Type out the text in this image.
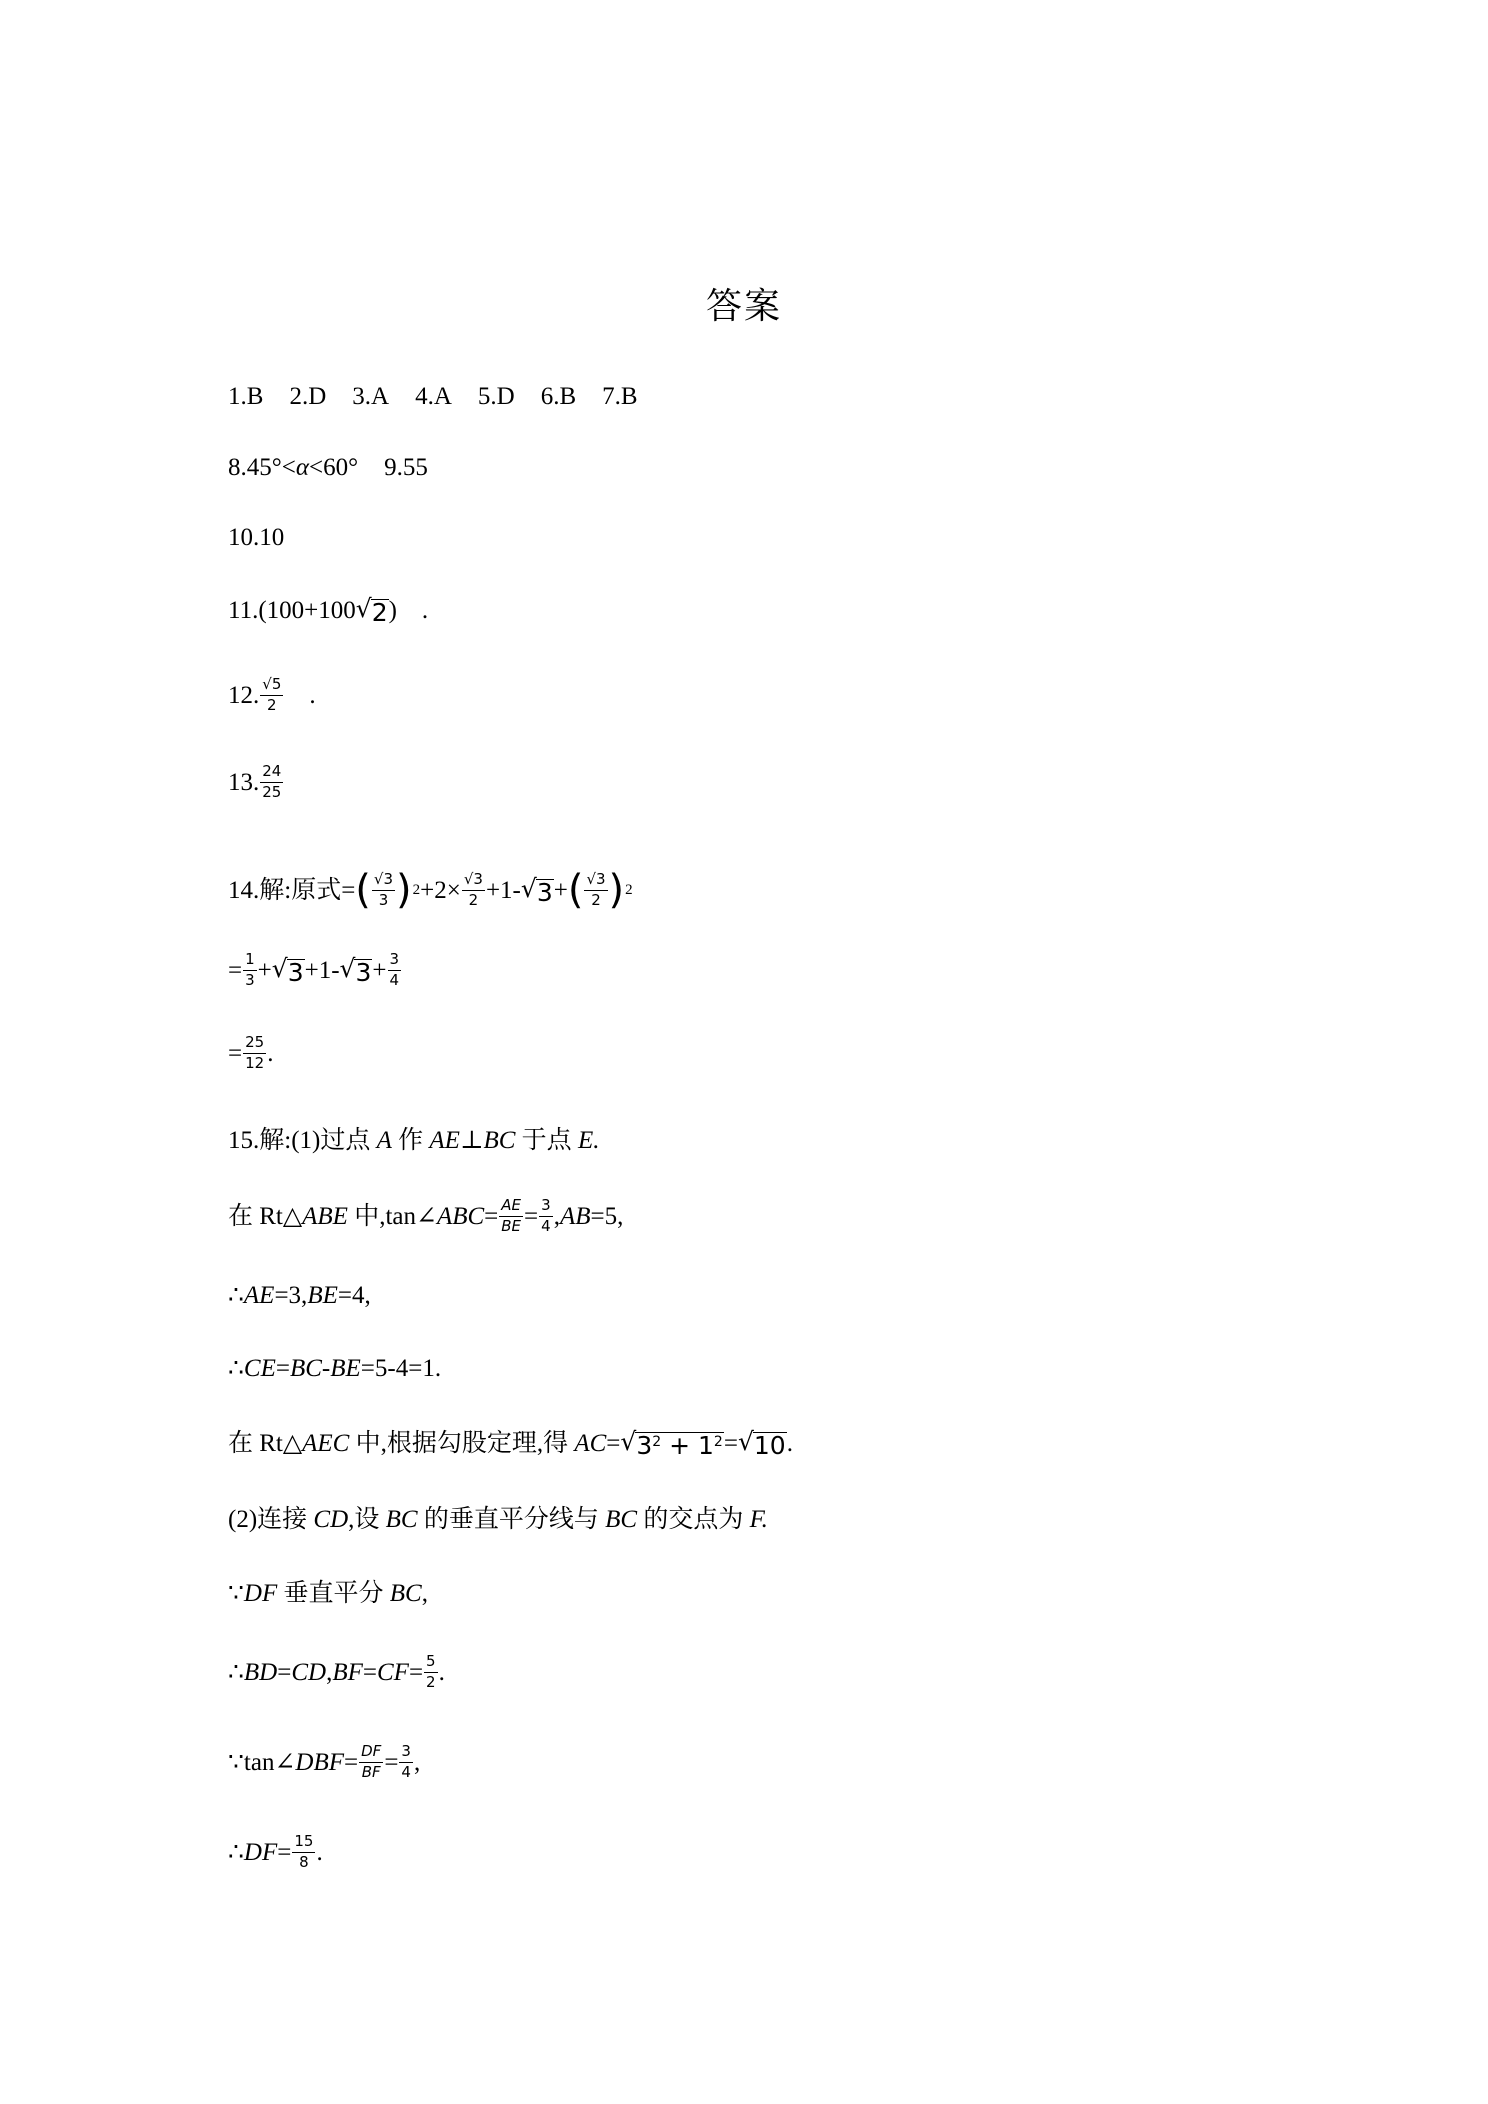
答案
1.B 2.D 3.A 4.A 5.D 6.B 7.B
8.45°< α <60° 9.55
10.10
11.(100+100 √ 2 )    .
12. $\frac{√5}{2}$ .
13. $\frac{24}{25}$
14.解:原式= ( $\frac{√3}{3}$ ) $2 +2\times \frac{√3}{2} +1-$ √ 3 + ( $\frac{√3}{2}$ ) 2
= $\frac{1}{3}$ + √ 3 +1- √ $3 + \frac{3}{4}$
= $\frac{25}{12}$ .
15.解:(1)过点 A 作 AE ⊥ BC 于点 E.
在 Rt△ ABE 中,tan∠ ABC = $\frac{AE}{BE} = \frac{3}{4}$ , AB =5,
∴ AE =3, BE =4,
∴ CE = BC - BE =5-4=1.
在 Rt△ AEC 中,根据勾股定理,得 AC = √ $3^2 + 1^2$ = √ 10 .
(2)连接 CD ,设 BC 的垂直平分线与 BC 的交点为 F.
∵ DF 垂直平分 BC ,
∴ BD = CD , BF = CF = $\frac{5}{2}$ .
∵tan∠ DBF = $\frac{DF}{BF} = \frac{3}{4}$ ,
∴ DF = $\frac{15}{8}$ .
